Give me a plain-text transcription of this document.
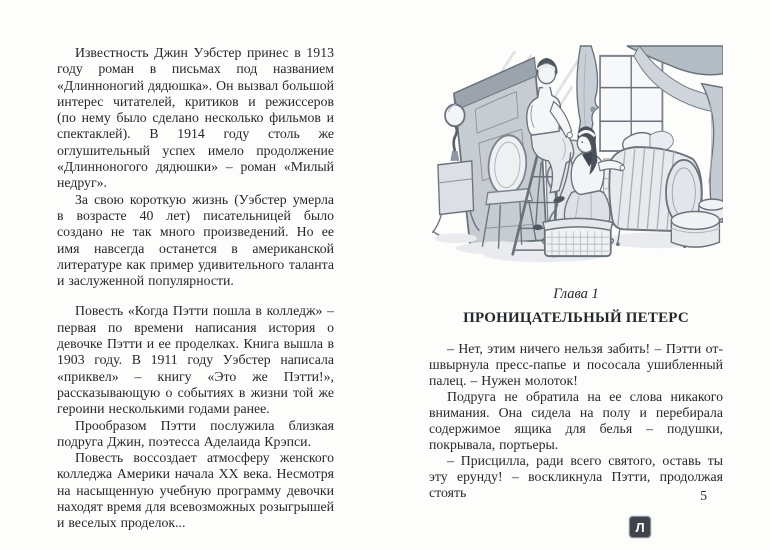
Известность Джин Уэбстер принес в 1913 году роман в письмах под названием «Длинноногий дядюшка». Он вызвал большой интерес читателей, критиков и режиссеров (по нему было сделано несколько фильмов и спектаклей). В 1914 году столь же оглушительный успех имело продолжение «Длинноногого дядюшки» – роман «Милый недруг».

За свою короткую жизнь (Уэбстер умерла в возрасте 40 лет) писательницей было создано не так много произведений. Но ее имя навсегда останется в американской литературе как пример удивительного таланта и заслуженной популярности.

Повесть «Когда Пэтти пошла в колледж» – первая по времени написания история о девочке Пэтти и ее проделках. Книга вышла в 1903 году. В 1911 году Уэбстер написала «приквел» – книгу «Это же Пэтти!», рассказывающую о событиях в жизни той же героини несколькими годами ранее.

Прообразом Пэтти послужила близкая подруга Джин, поэтесса Аделаида Крэпси.

Повесть воссоздает атмосферу женского колледжа Америки начала XX века. Несмотря на насыщенную учебную программу девочки находят время для всевозможных розыгрышей и веселых проделок...

Глава 1
ПРОНИЦАТЕЛЬНЫЙ ПЕТЕРС

– Нет, этим ничего нельзя забить! – Пэтти отшвырнула пресс-папье и пососала ушибленный палец. – Нужен молоток!

Подруга не обратила на ее слова никакого внимания. Она сидела на полу и перебирала содержимое ящика для белья – подушки, покрывала, портьеры.

– Присцилла, ради всего святого, оставь ты эту ерунду! – воскликнула Пэтти, продолжая стоять	5
Л
